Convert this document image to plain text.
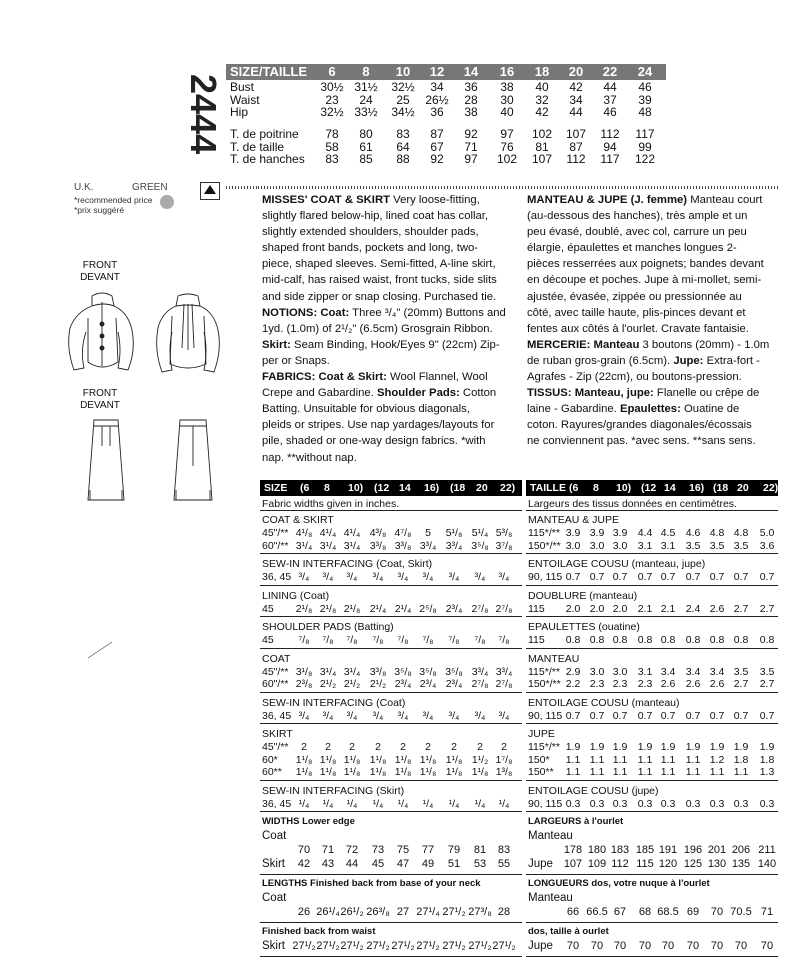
2444
SIZE/TAILLE	6	8	10	12	14	16	18	20	22	24
Bust	30½ 31½ 32½	34	36	38	40	42	44	46
Waist	23	24	25	26½	28	30	32	34	37	39
Hip	32½ 33½ 34½	36	38	40	42	44	46	48
T. de poitrine	78	80	83	87	92	97	102	107	112	117
T. de taille	58	61	64	67	71	76	81	87	94	99
T. de hanches	83	85	88	92	97	102	107	112	117	122
U.K.	GREEN
*recommended price
*prix suggéré
FRONT
DEVANT
FRONT
DEVANT
MISSES' COAT & SKIRT Very loose-fitting,
slightly flared below-hip, lined coat has collar,
slightly extended shoulders, shoulder pads,
shaped front bands, pockets and long, two-
piece, shaped sleeves. Semi-fitted, A-line skirt,
mid-calf, has raised waist, front tucks, side slits
and side zipper or snap closing. Purchased tie.
NOTIONS: Coat: Three ³/₄" (20mm) Buttons and
1yd. (1.0m) of 2¹/₂" (6.5cm) Grosgrain Ribbon.
Skirt: Seam Binding, Hook/Eyes 9" (22cm) Zip-
per or Snaps.
FABRICS: Coat & Skirt: Wool Flannel, Wool
Crepe and Gabardine. Shoulder Pads: Cotton
Batting. Unsuitable for obvious diagonals,
pleids or stripes. Use nap yardages/layouts for
pile, shaded or one-way design fabrics. *with
nap. **without nap.
MANTEAU & JUPE (J. femme) Manteau court
(au-dessous des hanches), très ample et un
peu évasé, doublé, avec col, carrure un peu
élargie, épaulettes et manches longues 2-
pièces resserrées aux poignets; bandes devant
en découpe et poches. Jupe à mi-mollet, semi-
ajustée, évasée, zippée ou pressionnée au
côté, avec taille haute, plis-pinces devant et
fentes aux côtés à l'ourlet. Cravate fantaisie.
MERCERIE: Manteau 3 boutons (20mm) - 1.0m
de ruban gros-grain (6.5cm). Jupe: Extra-fort -
Agrafes - Zip (22cm), ou boutons-pression.
TISSUS: Manteau, jupe: Flanelle ou crêpe de
laine - Gabardine. Epaulettes: Ouatine de
coton. Rayures/grandes diagonales/écossais
ne conviennent pas. *avec sens. **sans sens.
SIZE (6 8 10) (12 14 16) (18 20 22)
Fabric widths given in inches.
COAT & SKIRT
45"/** 4¹/₈ 4¹/₄ 4¹/₄ 4³/₈ 4⁷/₈	5	5¹/₈ 5¹/₄ 5³/₈
60"/** 3¹/₄ 3¹/₄ 3¹/₄ 3³/₈ 3³/₈ 3³/₄ 3³/₄ 3⁵/₈ 3⁷/₈
SEW-IN INTERFACING (Coat, Skirt)
36, 45 ³/₄	³/₄	³/₄	³/₄	³/₄	³/₄	³/₄	³/₄	³/₄
LINING (Coat)
45	2¹/₈ 2¹/₈ 2¹/₈ 2¹/₄ 2¹/₄ 2⁵/₈ 2³/₄ 2⁷/₈ 2⁷/₈
SHOULDER PADS (Batting)
45	⁷/₈	⁷/₈	⁷/₈	⁷/₈	⁷/₈	⁷/₈	⁷/₈	⁷/₈	⁷/₈
COAT
45"/** 3¹/₈ 3¹/₄ 3¹/₄ 3³/₈ 3⁵/₈ 3⁵/₈ 3⁵/₈ 3³/₄ 3³/₄
60"/** 2³/₈ 2¹/₂ 2¹/₂ 2¹/₂ 2³/₄ 2³/₄ 2³/₄ 2⁷/₈ 2⁷/₈
SEW-IN INTERFACING (Coat)
36, 45 ³/₄	³/₄	³/₄	³/₄	³/₄	³/₄	³/₄	³/₄	³/₄
SKIRT
45"/**	2	2	2	2	2	2	2	2	2
60*	1¹/₈ 1¹/₈ 1¹/₈ 1¹/₈ 1¹/₈ 1¹/₈ 1¹/₈ 1¹/₂ 1⁷/₈
60**	1¹/₈ 1¹/₈ 1¹/₈ 1¹/₈ 1¹/₈ 1¹/₈ 1¹/₈ 1¹/₈ 1³/₈
SEW-IN INTERFACING (Skirt)
36, 45 ¹/₄	¹/₄	¹/₄	¹/₄	¹/₄	¹/₄	¹/₄	¹/₄	¹/₄
WIDTHS Lower edge
Coat
70	71	72	73	75	77	79	81	83
Skirt	42	43	44	45	47	49	51	53	55
LENGTHS Finished back from base of your neck
Coat
26 26¹/₄ 26¹/₂ 26³/₈ 27 27¹/₄ 27¹/₂ 27³/₈ 28
Finished back from waist
Skirt 27¹/₂ 27¹/₂ 27¹/₂ 27¹/₂ 27¹/₂ 27¹/₂ 27¹/₂ 27¹/₂ 27¹/₂
TAILLE (6 8 10) (12 14 16) (18 20 22)
Largeurs des tissus données en centimètres.
MANTEAU & JUPE
115*/** 3.9 3.9 3.9 4.4 4.5 4.6 4.8 4.8	5.0
150*/** 3.0 3.0 3.0 3.1 3.1 3.5 3.5 3.5	3.6
ENTOILAGE COUSU (manteau, jupe)
90, 115 0.7 0.7 0.7 0.7 0.7 0.7 0.7 0.7	0.7
DOUBLURE (manteau)
115	2.0 2.0 2.0 2.1 2.1 2.4 2.6 2.7	2.7
EPAULETTES (ouatine)
115	0.8 0.8 0.8 0.8 0.8 0.8 0.8 0.8	0.8
MANTEAU
115*/** 2.9 3.0 3.0 3.1 3.4 3.4 3.4 3.5	3.5
150*/** 2.2 2.3 2.3 2.3 2.6 2.6 2.6 2.7	2.7
ENTOILAGE COUSU (manteau)
90, 115 0.7 0.7 0.7 0.7 0.7 0.7 0.7 0.7	0.7
JUPE
115*/** 1.9 1.9 1.9 1.9 1.9 1.9 1.9 1.9	1.9
150*	1.1 1.1 1.1 1.1 1.1 1.1 1.2 1.8	1.8
150**	1.1 1.1 1.1 1.1 1.1 1.1 1.1 1.1	1.3
ENTOILAGE COUSU (jupe)
90, 115 0.3 0.3 0.3 0.3 0.3 0.3 0.3 0.3	0.3
LARGEURS à l'ourlet
Manteau
178 180 183 185 191 196 201 206 211
Jupe 107 109 112 115 120 125 130 135 140
LONGUEURS dos, votre nuque à l'ourlet
Manteau
66 66.5 67	68 68.5 69	70 70.5 71
dos, taille à ourlet
Jupe	70	70 70	70 70	70	70	70	70
